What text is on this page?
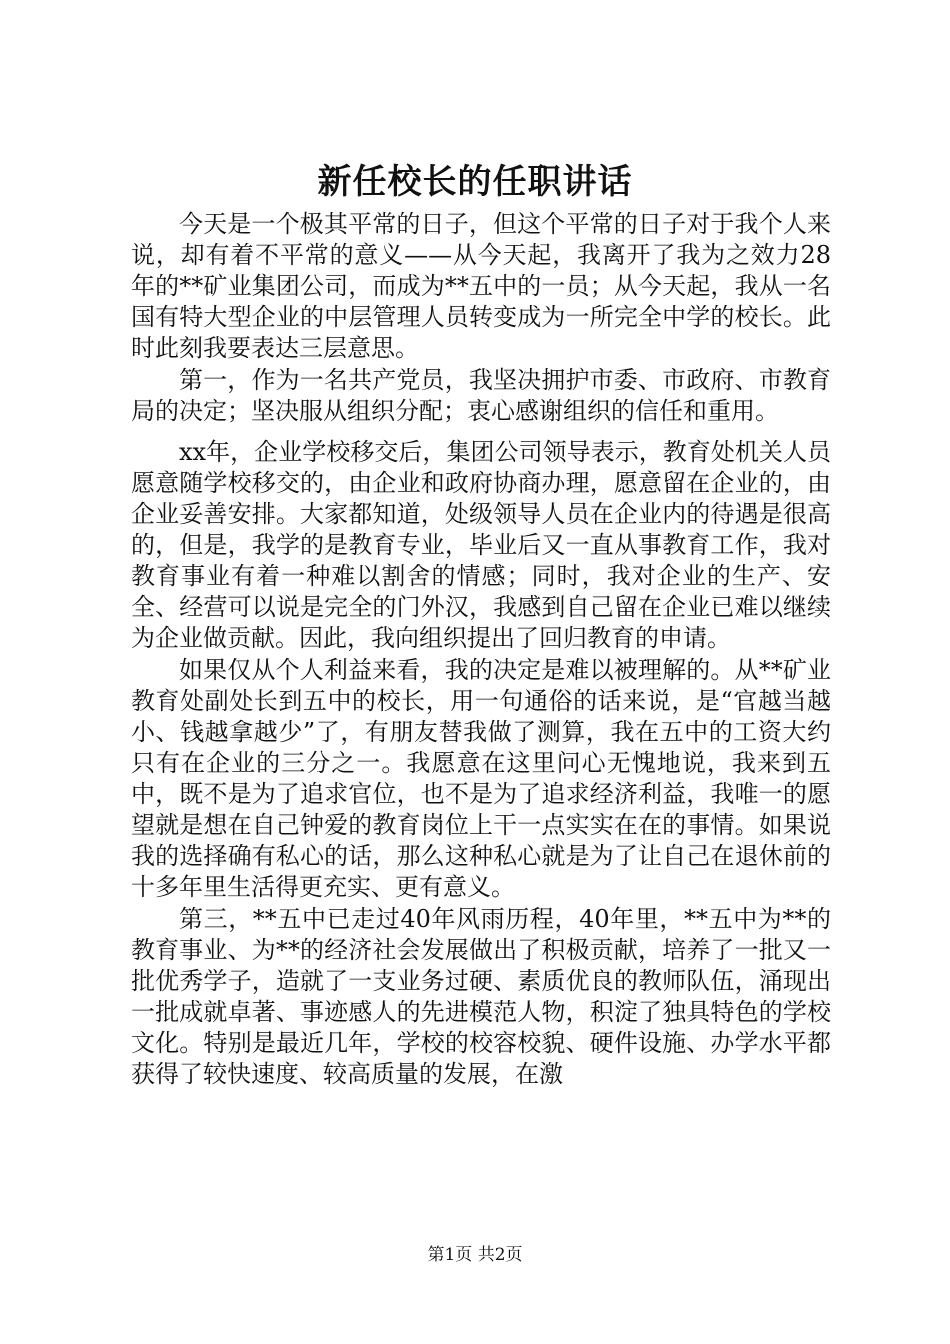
新任校长的任职讲话

今天是一个极其平常的日子，但这个平常的日子对于我个人来说，却有着不平常的意义——从今天起，我离开了我为之效力28年的**矿业集团公司，而成为**五中的一员；从今天起，我从一名国有特大型企业的中层管理人员转变成为一所完全中学的校长。此时此刻我要表达三层意思。

第一，作为一名共产党员，我坚决拥护市委、市政府、市教育局的决定；坚决服从组织分配；衷心感谢组织的信任和重用。

xx年，企业学校移交后，集团公司领导表示，教育处机关人员愿意随学校移交的，由企业和政府协商办理，愿意留在企业的，由企业妥善安排。大家都知道，处级领导人员在企业内的待遇是很高的，但是，我学的是教育专业，毕业后又一直从事教育工作，我对教育事业有着一种难以割舍的情感；同时，我对企业的生产、安全、经营可以说是完全的门外汉，我感到自己留在企业已难以继续为企业做贡献。因此，我向组织提出了回归教育的申请。

如果仅从个人利益来看，我的决定是难以被理解的。从**矿业教育处副处长到五中的校长，用一句通俗的话来说，是“官越当越小、钱越拿越少”了，有朋友替我做了测算，我在五中的工资大约只有在企业的三分之一。我愿意在这里问心无愧地说，我来到五中，既不是为了追求官位，也不是为了追求经济利益，我唯一的愿望就是想在自己钟爱的教育岗位上干一点实实在在的事情。如果说我的选择确有私心的话，那么这种私心就是为了让自己在退休前的十多年里生活得更充实、更有意义。

第三，**五中已走过40年风雨历程，40年里，**五中为**的教育事业、为**的经济社会发展做出了积极贡献，培养了一批又一批优秀学子，造就了一支业务过硬、素质优良的教师队伍，涌现出一批成就卓著、事迹感人的先进模范人物，积淀了独具特色的学校文化。特别是最近几年，学校的校容校貌、硬件设施、办学水平都获得了较快速度、较高质量的发展，在激

第1页 共2页
